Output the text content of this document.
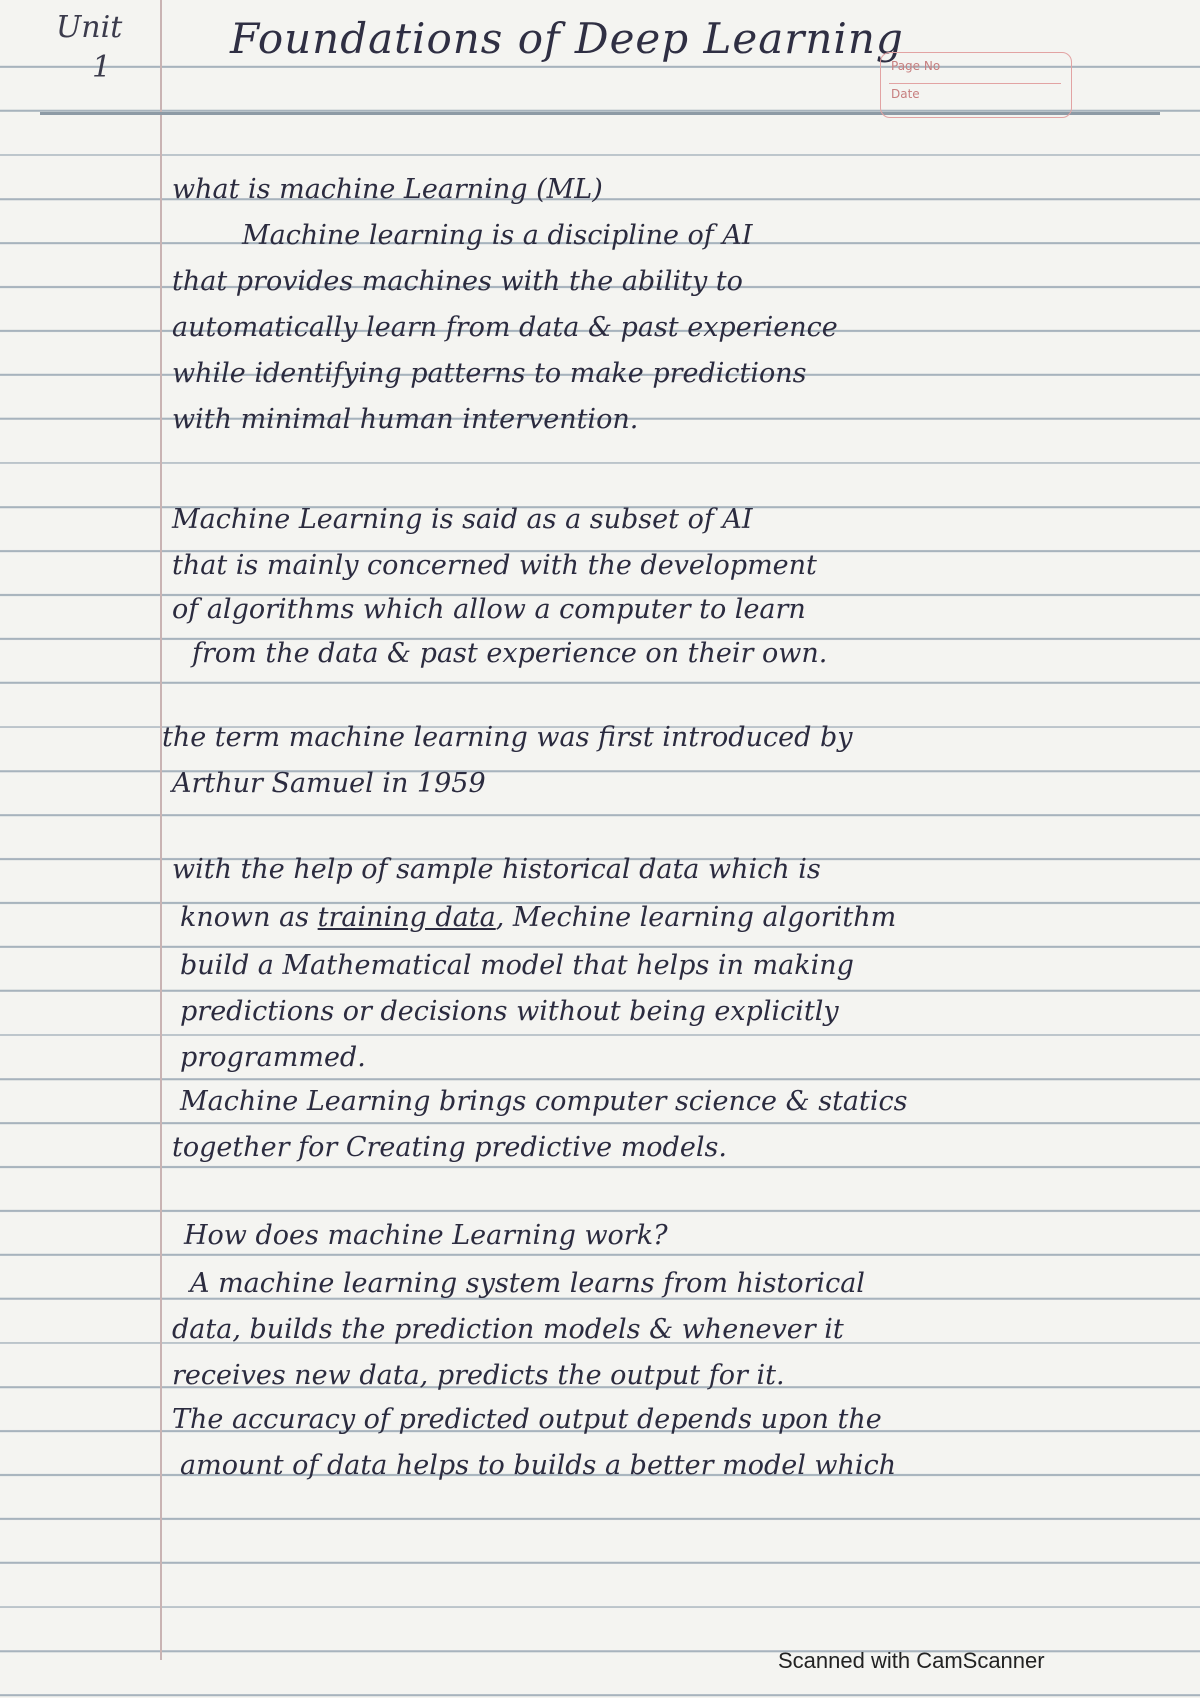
Unit
1
Foundations of Deep Learning
Page No
Date
what is machine Learning (ML)
Machine learning is a discipline of AI
that provides machines with the ability to
automatically learn from data & past experience
while identifying patterns to make predictions
with minimal human intervention.
Machine Learning is said as a subset of AI
that is mainly concerned with the development
of algorithms which allow a computer to learn
from the data & past experience on their own.
the term machine learning was first introduced by
Arthur Samuel in 1959
with the help of sample historical data which is
known as training data, Mechine learning algorithm
build a Mathematical model that helps in making
predictions or decisions without being explicitly
programmed.
Machine Learning brings computer science & statics
together for Creating predictive models.
How does machine Learning work?
A machine learning system learns from historical
data, builds the prediction models & whenever it
receives new data, predicts the output for it.
The accuracy of predicted output depends upon the
amount of data helps to builds a better model which
Scanned with CamScanner
